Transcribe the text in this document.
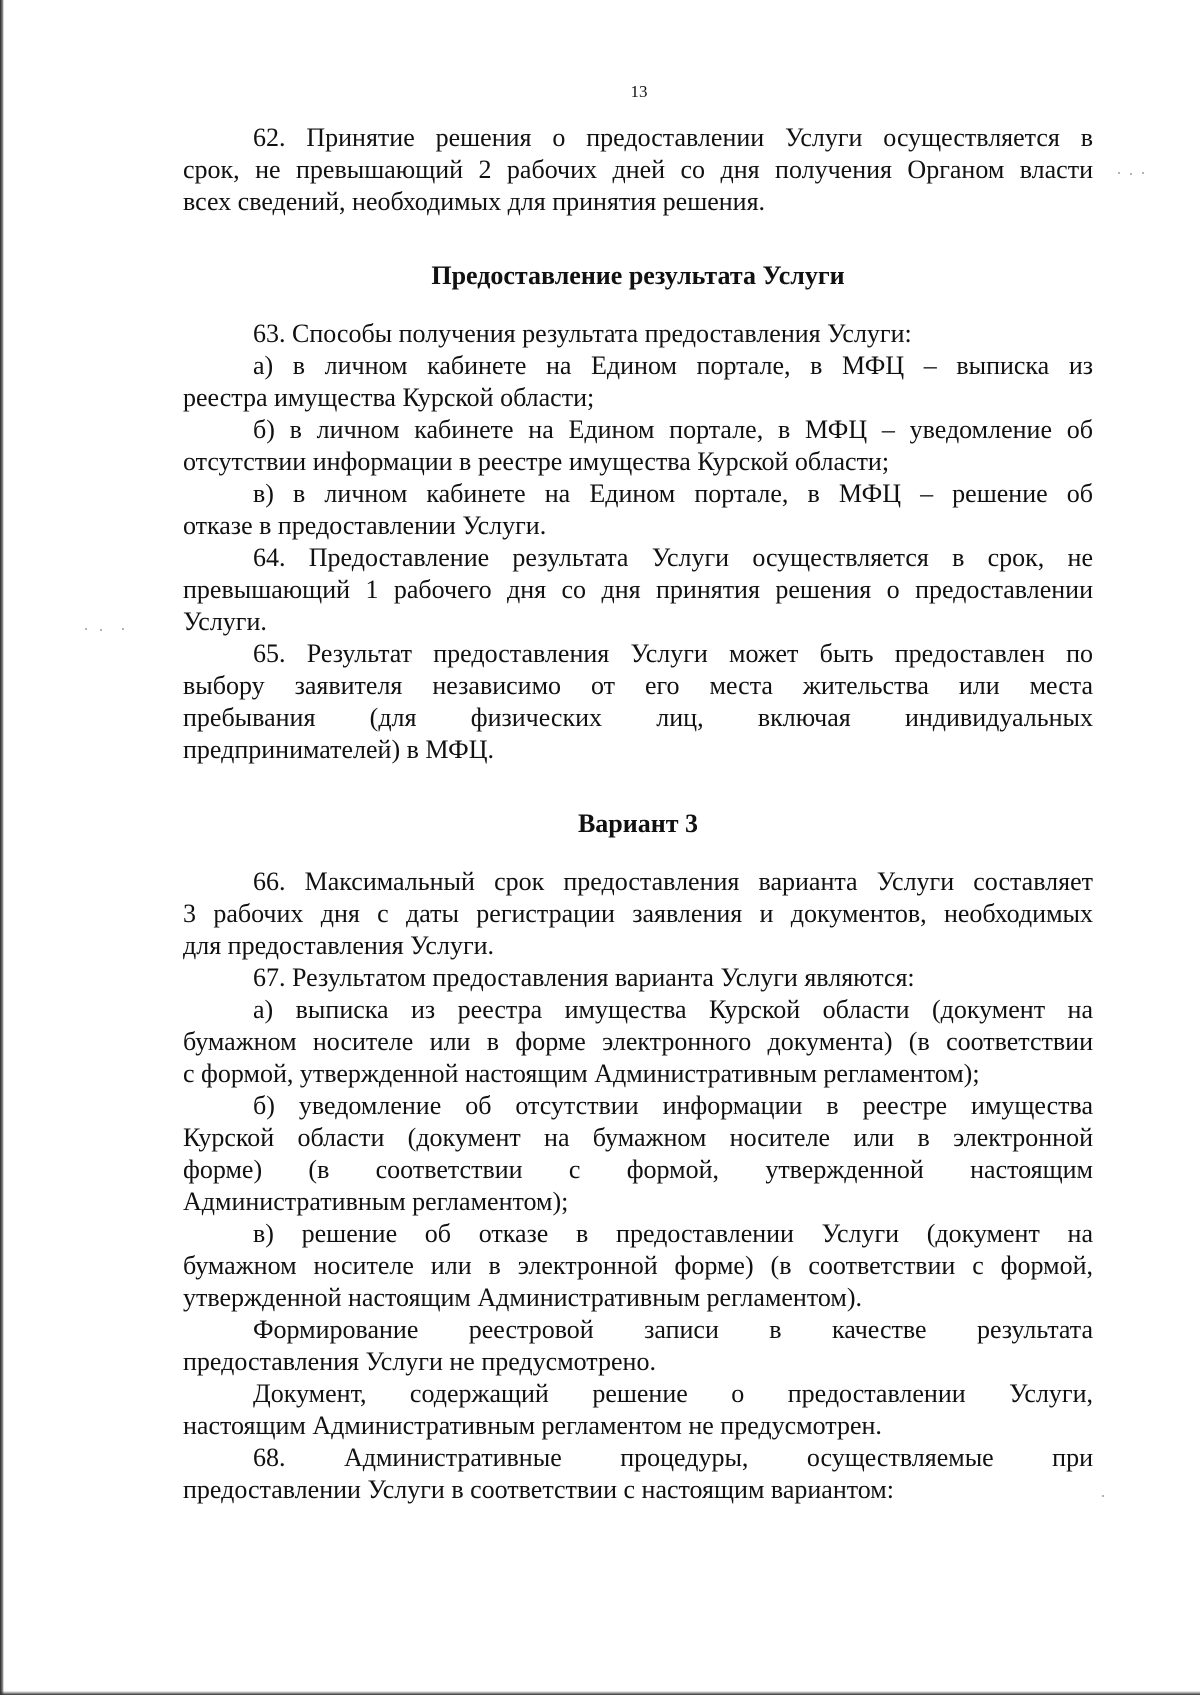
13
62. Принятие решения о предоставлении Услуги осуществляется в
срок, не превышающий 2 рабочих дней со дня получения Органом власти
всех сведений, необходимых для принятия решения.
Предоставление результата Услуги
63. Способы получения результата предоставления Услуги:
а) в личном кабинете на Едином портале, в МФЦ – выписка из
реестра имущества Курской области;
б) в личном кабинете на Едином портале, в МФЦ – уведомление об
отсутствии информации в реестре имущества Курской области;
в) в личном кабинете на Едином портале, в МФЦ – решение об
отказе в предоставлении Услуги.
64. Предоставление результата Услуги осуществляется в срок, не
превышающий 1 рабочего дня со дня принятия решения о предоставлении
Услуги.
65. Результат предоставления Услуги может быть предоставлен по
выбору заявителя независимо от его места жительства или места
пребывания (для физических лиц, включая индивидуальных
предпринимателей) в МФЦ.
Вариант 3
66. Максимальный срок предоставления варианта Услуги составляет
3 рабочих дня с даты регистрации заявления и документов, необходимых
для предоставления Услуги.
67. Результатом предоставления варианта Услуги являются:
а) выписка из реестра имущества Курской области (документ на
бумажном носителе или в форме электронного документа) (в соответствии
с формой, утвержденной настоящим Административным регламентом);
б) уведомление об отсутствии информации в реестре имущества
Курской области (документ на бумажном носителе или в электронной
форме) (в соответствии с формой, утвержденной настоящим
Административным регламентом);
в) решение об отказе в предоставлении Услуги (документ на
бумажном носителе или в электронной форме) (в соответствии с формой,
утвержденной настоящим Административным регламентом).
Формирование реестровой записи в качестве результата
предоставления Услуги не предусмотрено.
Документ, содержащий решение о предоставлении Услуги,
настоящим Административным регламентом не предусмотрен.
68. Административные процедуры, осуществляемые при
предоставлении Услуги в соответствии с настоящим вариантом:
